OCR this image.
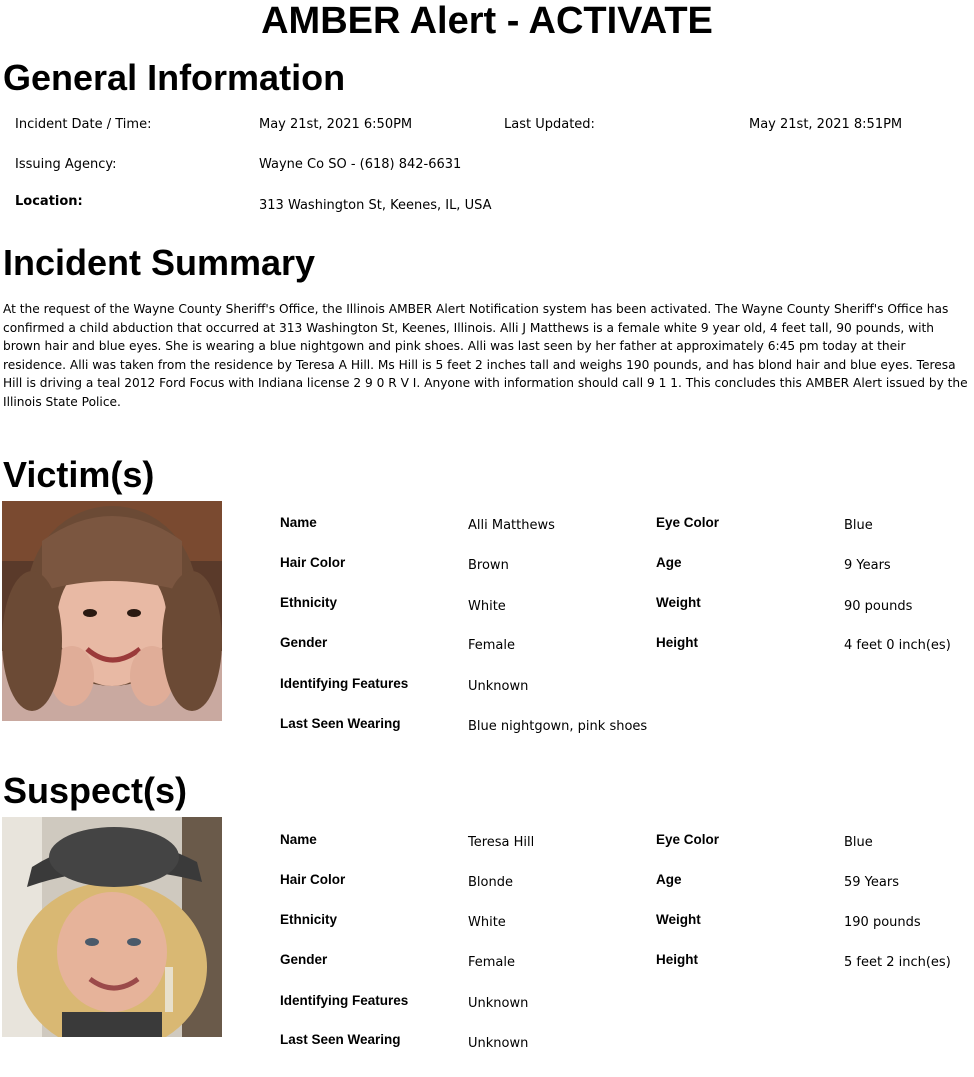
AMBER Alert - ACTIVATE
General Information
Incident Date / Time:	May 21st, 2021 6:50PM	Last Updated:	May 21st, 2021 8:51PM
Issuing Agency:	Wayne Co SO - (618) 842-6631
Location:	313 Washington St, Keenes, IL, USA
Incident Summary
At the request of the Wayne County Sheriff's Office, the Illinois AMBER Alert Notification system has been activated. The Wayne County Sheriff's Office has confirmed a child abduction that occurred at 313 Washington St, Keenes, Illinois. Alli J Matthews is a female white 9 year old, 4 feet tall, 90 pounds, with brown hair and blue eyes. She is wearing a blue nightgown and pink shoes. Alli was last seen by her father at approximately 6:45 pm today at their residence. Alli was taken from the residence by Teresa A Hill. Ms Hill is 5 feet 2 inches tall and weighs 190 pounds, and has blond hair and blue eyes. Teresa Hill is driving a teal 2012 Ford Focus with Indiana license 2 9 0 R V I. Anyone with information should call 9 1 1. This concludes this AMBER Alert issued by the Illinois State Police.
Victim(s)
Name	Alli Matthews	Eye Color	Blue
Hair Color	Brown	Age	9 Years
Ethnicity	White	Weight	90 pounds
Gender	Female	Height	4 feet 0 inch(es)
Identifying Features	Unknown
Last Seen Wearing	Blue nightgown, pink shoes
Suspect(s)
Name	Teresa Hill	Eye Color	Blue
Hair Color	Blonde	Age	59 Years
Ethnicity	White	Weight	190 pounds
Gender	Female	Height	5 feet 2 inch(es)
Identifying Features	Unknown
Last Seen Wearing	Unknown
